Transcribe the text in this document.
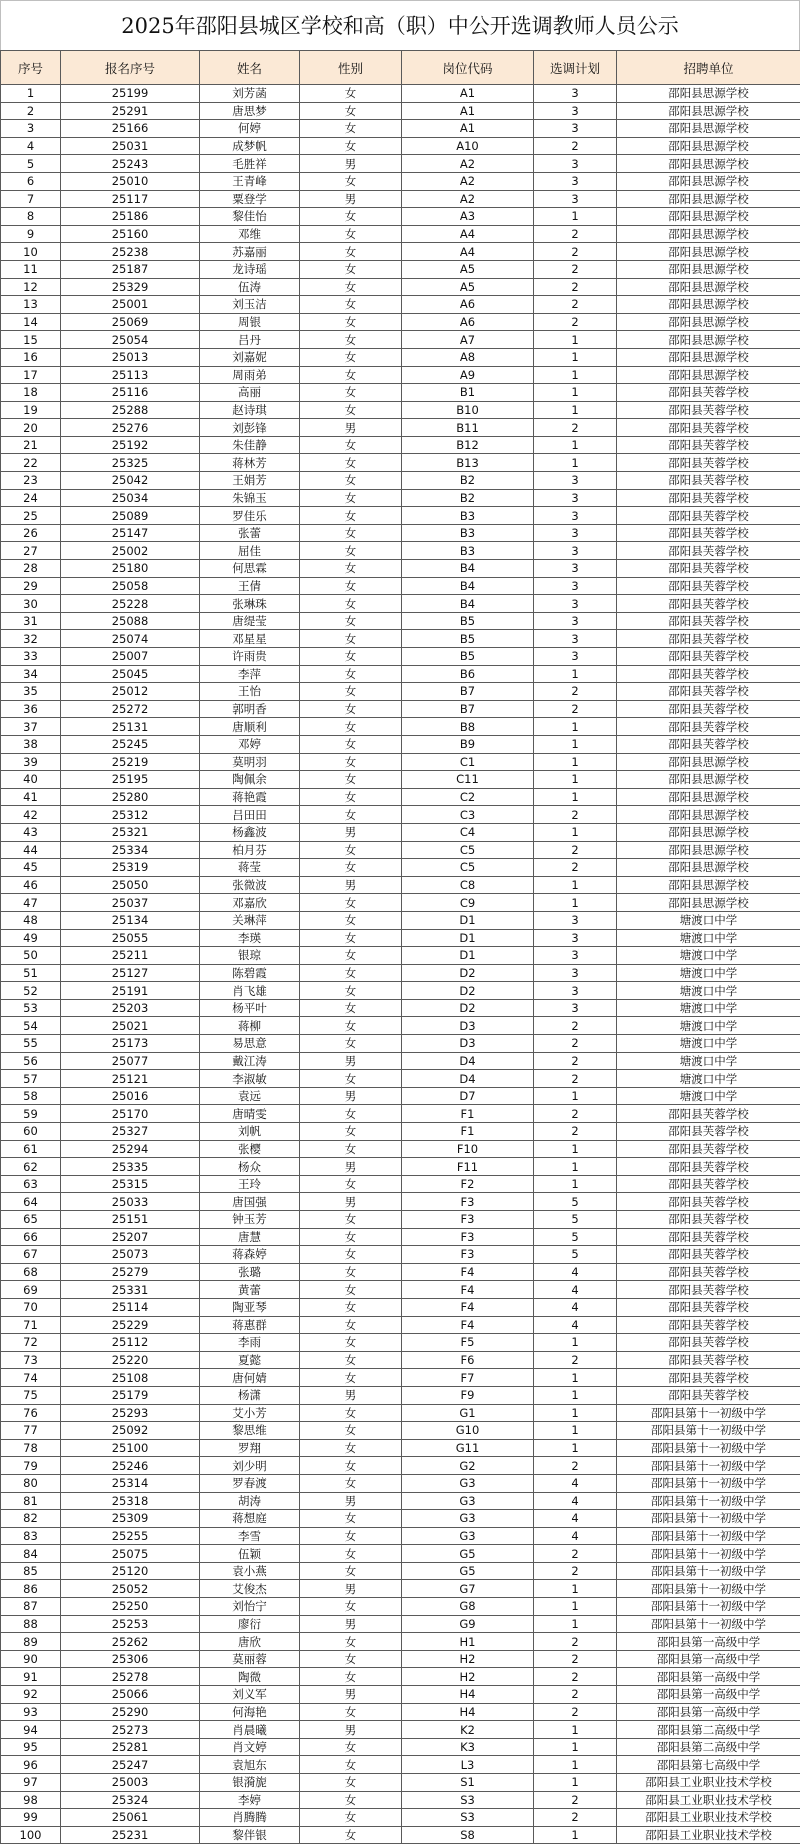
2025年邵阳县城区学校和高（职）中公开选调教师人员公示
序号	报名序号	姓名	性别	岗位代码	选调计划	招聘单位
1	25199	刘芳菡	女	A1	3	邵阳县思源学校
2	25291	唐思梦	女	A1	3	邵阳县思源学校
3	25166	何婷	女	A1	3	邵阳县思源学校
4	25031	成梦帆	女	A10	2	邵阳县思源学校
5	25243	毛胜祥	男	A2	3	邵阳县思源学校
6	25010	王青峰	女	A2	3	邵阳县思源学校
7	25117	粟登学	男	A2	3	邵阳县思源学校
8	25186	黎佳怡	女	A3	1	邵阳县思源学校
9	25160	邓维	女	A4	2	邵阳县思源学校
10	25238	苏嘉丽	女	A4	2	邵阳县思源学校
11	25187	龙诗瑶	女	A5	2	邵阳县思源学校
12	25329	伍涛	女	A5	2	邵阳县思源学校
13	25001	刘玉洁	女	A6	2	邵阳县思源学校
14	25069	周银	女	A6	2	邵阳县思源学校
15	25054	吕丹	女	A7	1	邵阳县思源学校
16	25013	刘嘉妮	女	A8	1	邵阳县思源学校
17	25113	周雨弟	女	A9	1	邵阳县思源学校
18	25116	高丽	女	B1	1	邵阳县芙蓉学校
19	25288	赵诗琪	女	B10	1	邵阳县芙蓉学校
20	25276	刘彭锋	男	B11	2	邵阳县芙蓉学校
21	25192	朱佳静	女	B12	1	邵阳县芙蓉学校
22	25325	蒋林芳	女	B13	1	邵阳县芙蓉学校
23	25042	王娟芳	女	B2	3	邵阳县芙蓉学校
24	25034	朱锦玉	女	B2	3	邵阳县芙蓉学校
25	25089	罗佳乐	女	B3	3	邵阳县芙蓉学校
26	25147	张蕾	女	B3	3	邵阳县芙蓉学校
27	25002	屈佳	女	B3	3	邵阳县芙蓉学校
28	25180	何思霖	女	B4	3	邵阳县芙蓉学校
29	25058	王倩	女	B4	3	邵阳县芙蓉学校
30	25228	张琳珠	女	B4	3	邵阳县芙蓉学校
31	25088	唐缇莹	女	B5	3	邵阳县芙蓉学校
32	25074	邓星星	女	B5	3	邵阳县芙蓉学校
33	25007	许雨贵	女	B5	3	邵阳县芙蓉学校
34	25045	李萍	女	B6	1	邵阳县芙蓉学校
35	25012	王怡	女	B7	2	邵阳县芙蓉学校
36	25272	郭明香	女	B7	2	邵阳县芙蓉学校
37	25131	唐顺利	女	B8	1	邵阳县芙蓉学校
38	25245	邓婷	女	B9	1	邵阳县芙蓉学校
39	25219	莫明羽	女	C1	1	邵阳县思源学校
40	25195	陶佩余	女	C11	1	邵阳县思源学校
41	25280	蒋艳霞	女	C2	1	邵阳县思源学校
42	25312	吕田田	女	C3	2	邵阳县思源学校
43	25321	杨鑫波	男	C4	1	邵阳县思源学校
44	25334	柏月芬	女	C5	2	邵阳县思源学校
45	25319	蒋莹	女	C5	2	邵阳县思源学校
46	25050	张微波	男	C8	1	邵阳县思源学校
47	25037	邓嘉欣	女	C9	1	邵阳县思源学校
48	25134	关琳萍	女	D1	3	塘渡口中学
49	25055	李瑛	女	D1	3	塘渡口中学
50	25211	银琼	女	D1	3	塘渡口中学
51	25127	陈碧霞	女	D2	3	塘渡口中学
52	25191	肖飞雄	女	D2	3	塘渡口中学
53	25203	杨平叶	女	D2	3	塘渡口中学
54	25021	蒋柳	女	D3	2	塘渡口中学
55	25173	易思意	女	D3	2	塘渡口中学
56	25077	戴江涛	男	D4	2	塘渡口中学
57	25121	李淑敏	女	D4	2	塘渡口中学
58	25016	袁远	男	D7	1	塘渡口中学
59	25170	唐晴雯	女	F1	2	邵阳县芙蓉学校
60	25327	刘帆	女	F1	2	邵阳县芙蓉学校
61	25294	张樱	女	F10	1	邵阳县芙蓉学校
62	25335	杨众	男	F11	1	邵阳县芙蓉学校
63	25315	王玲	女	F2	1	邵阳县芙蓉学校
64	25033	唐国强	男	F3	5	邵阳县芙蓉学校
65	25151	钟玉芳	女	F3	5	邵阳县芙蓉学校
66	25207	唐慧	女	F3	5	邵阳县芙蓉学校
67	25073	蒋森婷	女	F3	5	邵阳县芙蓉学校
68	25279	张璐	女	F4	4	邵阳县芙蓉学校
69	25331	黄蕾	女	F4	4	邵阳县芙蓉学校
70	25114	陶亚琴	女	F4	4	邵阳县芙蓉学校
71	25229	蒋惠群	女	F4	4	邵阳县芙蓉学校
72	25112	李雨	女	F5	1	邵阳县芙蓉学校
73	25220	夏懿	女	F6	2	邵阳县芙蓉学校
74	25108	唐何婧	女	F7	1	邵阳县芙蓉学校
75	25179	杨潇	男	F9	1	邵阳县芙蓉学校
76	25293	艾小芳	女	G1	1	邵阳县第十一初级中学
77	25092	黎思维	女	G10	1	邵阳县第十一初级中学
78	25100	罗翔	女	G11	1	邵阳县第十一初级中学
79	25246	刘少明	女	G2	2	邵阳县第十一初级中学
80	25314	罗春渡	女	G3	4	邵阳县第十一初级中学
81	25318	胡涛	男	G3	4	邵阳县第十一初级中学
82	25309	蒋想庭	女	G3	4	邵阳县第十一初级中学
83	25255	李雪	女	G3	4	邵阳县第十一初级中学
84	25075	伍颖	女	G5	2	邵阳县第十一初级中学
85	25120	袁小燕	女	G5	2	邵阳县第十一初级中学
86	25052	艾俊杰	男	G7	1	邵阳县第十一初级中学
87	25250	刘怡宁	女	G8	1	邵阳县第十一初级中学
88	25253	廖衍	男	G9	1	邵阳县第十一初级中学
89	25262	唐欣	女	H1	2	邵阳县第一高级中学
90	25306	莫丽蓉	女	H2	2	邵阳县第一高级中学
91	25278	陶微	女	H2	2	邵阳县第一高级中学
92	25066	刘义军	男	H4	2	邵阳县第一高级中学
93	25290	何海艳	女	H4	2	邵阳县第一高级中学
94	25273	肖晨曦	男	K2	1	邵阳县第二高级中学
95	25281	肖文婷	女	K3	1	邵阳县第二高级中学
96	25247	袁旭东	女	L3	1	邵阳县第七高级中学
97	25003	银漪旎	女	S1	1	邵阳县工业职业技术学校
98	25324	李婷	女	S3	2	邵阳县工业职业技术学校
99	25061	肖腾腾	女	S3	2	邵阳县工业职业技术学校
100	25231	黎伴银	女	S8	1	邵阳县工业职业技术学校
